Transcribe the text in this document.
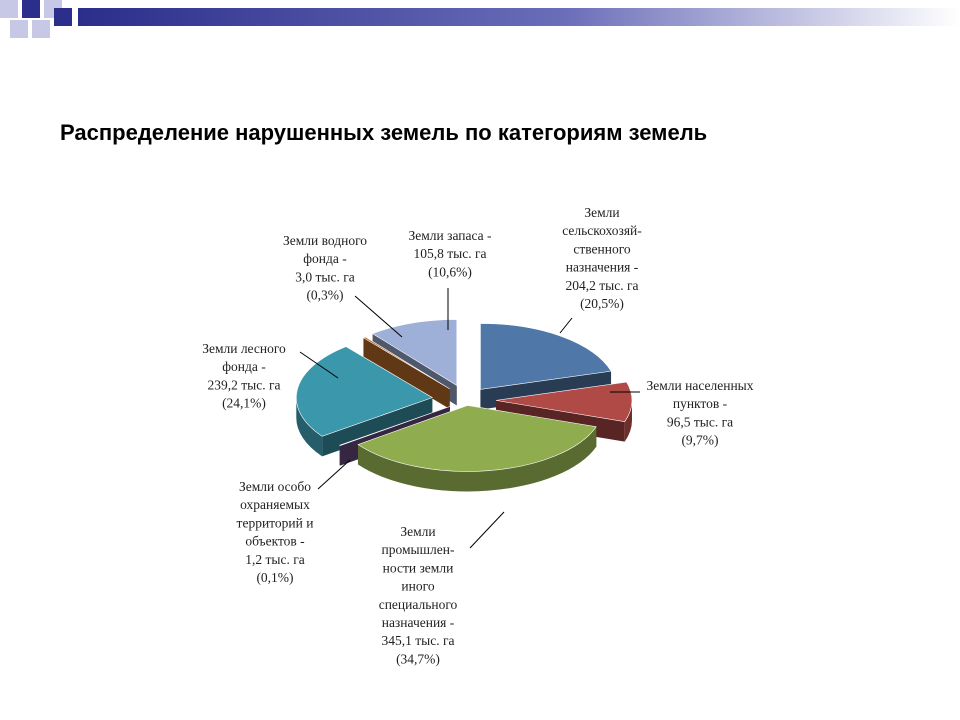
Распределение нарушенных земель по категориям земель
Земли сельскохозяй-ственного назначения -204,2 тыс. га (20,5%)
Земли населенных пунктов -96,5 тыс. га (9,7%)
Земли промышлен-ности земли иного специального назначения -345,1 тыс. га (34,7%)
Земли особо охраняемых территорий и объектов -1,2 тыс. га (0,1%)
Земли лесного фонда -239,2 тыс. га (24,1%)
Земли водного фонда -3,0 тыс. га (0,3%)
Земли запаса -105,8 тыс. га (10,6%)
